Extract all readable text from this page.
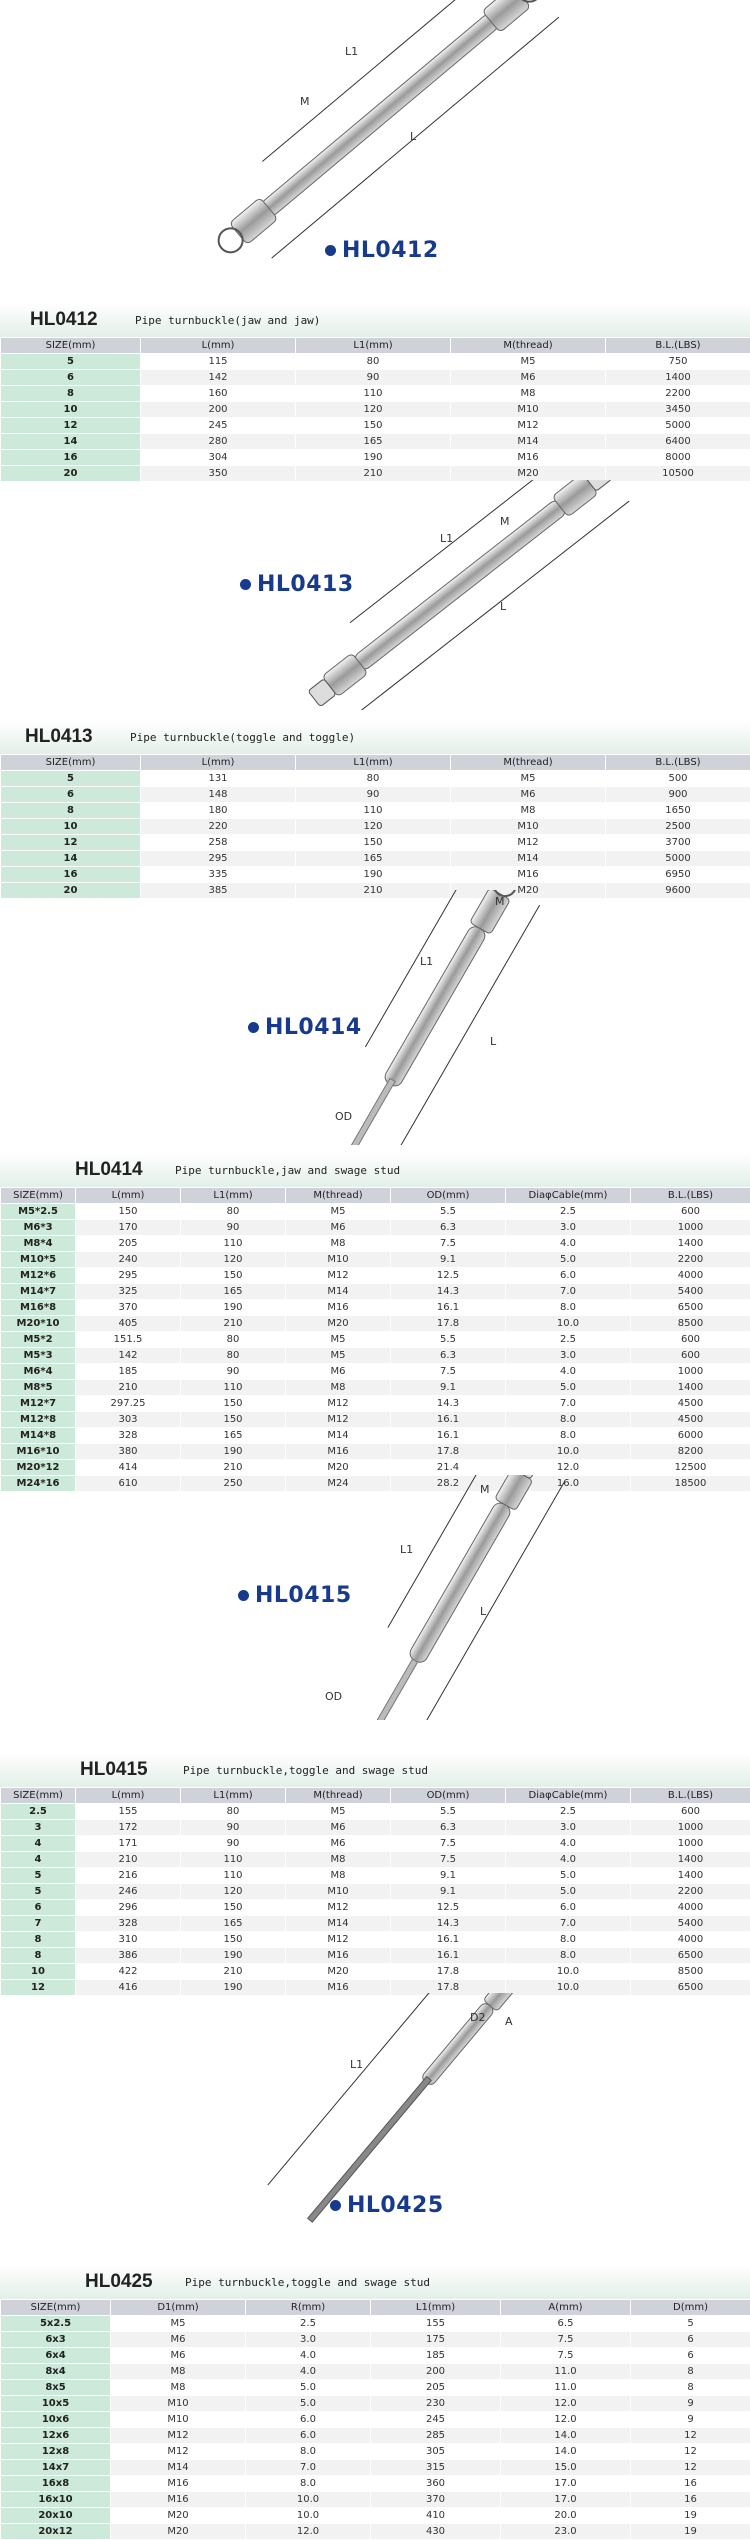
L1
M
L
HL0412
HL0412	Pipe turnbuckle(jaw and jaw)
SIZE(mm)	L(mm)	L1(mm)	M(thread)	B.L.(LBS)
5	115	80	M5	750
6	142	90	M6	1400
8	160	110	M8	2200
10	200	120	M10	3450
12	245	150	M12	5000
14	280	165	M14	6400
16	304	190	M16	8000
20	350	210	M20	10500
L1
M
L
HL0413
HL0413	Pipe turnbuckle(toggle and toggle)
SIZE(mm)	L(mm)	L1(mm)	M(thread)	B.L.(LBS)
5	131	80	M5	500
6	148	90	M6	900
8	180	110	M8	1650
10	220	120	M10	2500
12	258	150	M12	3700
14	295	165	M14	5000
16	335	190	M16	6950
20	385	210	M20	9600
M
L1
L
OD
HL0414
HL0414	Pipe turnbuckle,jaw and swage stud
SIZE(mm)	L(mm)	L1(mm)	M(thread)	OD(mm)	DiaφCable(mm)	B.L.(LBS)
M5*2.5	150	80	M5	5.5	2.5	600
M6*3	170	90	M6	6.3	3.0	1000
M8*4	205	110	M8	7.5	4.0	1400
M10*5	240	120	M10	9.1	5.0	2200
M12*6	295	150	M12	12.5	6.0	4000
M14*7	325	165	M14	14.3	7.0	5400
M16*8	370	190	M16	16.1	8.0	6500
M20*10	405	210	M20	17.8	10.0	8500
M5*2	151.5	80	M5	5.5	2.5	600
M5*3	142	80	M5	6.3	3.0	600
M6*4	185	90	M6	7.5	4.0	1000
M8*5	210	110	M8	9.1	5.0	1400
M12*7	297.25	150	M12	14.3	7.0	4500
M12*8	303	150	M12	16.1	8.0	4500
M14*8	328	165	M14	16.1	8.0	6000
M16*10	380	190	M16	17.8	10.0	8200
M20*12	414	210	M20	21.4	12.0	12500
M24*16	610	250	M24	28.2	16.0	18500
M
L1
L
OD
HL0415
HL0415	Pipe turnbuckle,toggle and swage stud
SIZE(mm)	L(mm)	L1(mm)	M(thread)	OD(mm)	DiaφCable(mm)	B.L.(LBS)
2.5	155	80	M5	5.5	2.5	600
3	172	90	M6	6.3	3.0	1000
4	171	90	M6	7.5	4.0	1000
4	210	110	M8	7.5	4.0	1400
5	216	110	M8	9.1	5.0	1400
5	246	120	M10	9.1	5.0	2200
6	296	150	M12	12.5	6.0	4000
7	328	165	M14	14.3	7.0	5400
8	310	150	M12	16.1	8.0	4000
8	386	190	M16	16.1	8.0	6500
10	422	210	M20	17.8	10.0	8500
12	416	190	M16	17.8	10.0	6500
D2 A
L1
HL0425
HL0425	Pipe turnbuckle,toggle and swage stud
SIZE(mm)	D1(mm)	R(mm)	L1(mm)	A(mm)	D(mm)
5x2.5	M5	2.5	155	6.5	5
6x3	M6	3.0	175	7.5	6
6x4	M6	4.0	185	7.5	6
8x4	M8	4.0	200	11.0	8
8x5	M8	5.0	205	11.0	8
10x5	M10	5.0	230	12.0	9
10x6	M10	6.0	245	12.0	9
12x6	M12	6.0	285	14.0	12
12x8	M12	8.0	305	14.0	12
14x7	M14	7.0	315	15.0	12
16x8	M16	8.0	360	17.0	16
16x10	M16	10.0	370	17.0	16
20x10	M20	10.0	410	20.0	19
20x12	M20	12.0	430	23.0	19
